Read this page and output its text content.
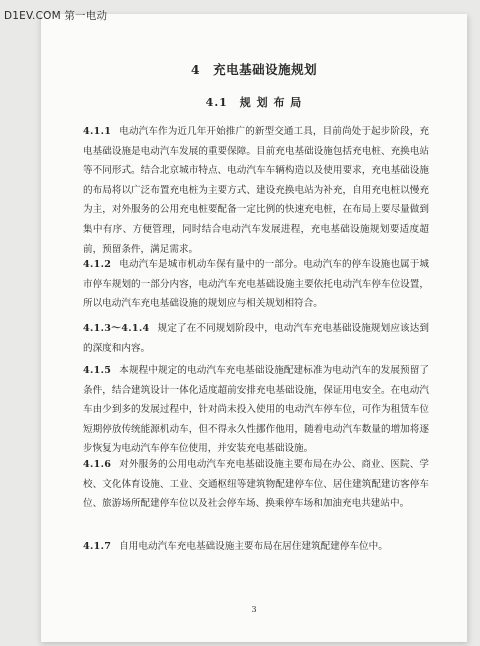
D1EV.COM 第一电动
4　充电基础设施规划
4.1　规 划 布 局
4.1.1 电动汽车作为近几年开始推广的新型交通工具，目前尚处于起步阶段，充电基础设施是电动汽车发展的重要保障。目前充电基础设施包括充电桩、充换电站等不同形式。结合北京城市特点、电动汽车车辆构造以及使用要求，充电基础设施的布局将以广泛布置充电桩为主要方式、建设充换电站为补充，自用充电桩以慢充为主，对外服务的公用充电桩要配备一定比例的快速充电桩，在布局上要尽量做到集中有序、方便管理，同时结合电动汽车发展进程，充电基础设施规划要适度超前，预留条件，满足需求。
4.1.2 电动汽车是城市机动车保有量中的一部分。电动汽车的停车设施也属于城市停车规划的一部分内容，电动汽车充电基础设施主要依托电动汽车停车位设置，所以电动汽车充电基础设施的规划应与相关规划相符合。
4.1.3～4.1.4 规定了在不同规划阶段中，电动汽车充电基础设施规划应该达到的深度和内容。
4.1.5 本规程中规定的电动汽车充电基础设施配建标准为电动汽车的发展预留了条件，结合建筑设计一体化适度超前安排充电基础设施，保证用电安全。在电动汽车由少到多的发展过程中，针对尚未投入使用的电动汽车停车位，可作为租赁车位短期停放传统能源机动车，但不得永久性挪作他用，随着电动汽车数量的增加将逐步恢复为电动汽车停车位使用，并安装充电基础设施。
4.1.6 对外服务的公用电动汽车充电基础设施主要布局在办公、商业、医院、学校、文化体育设施、工业、交通枢纽等建筑物配建停车位、居住建筑配建访客停车位、旅游场所配建停车位以及社会停车场、换乘停车场和加油充电共建站中。
4.1.7 自用电动汽车充电基础设施主要布局在居住建筑配建停车位中。
3
